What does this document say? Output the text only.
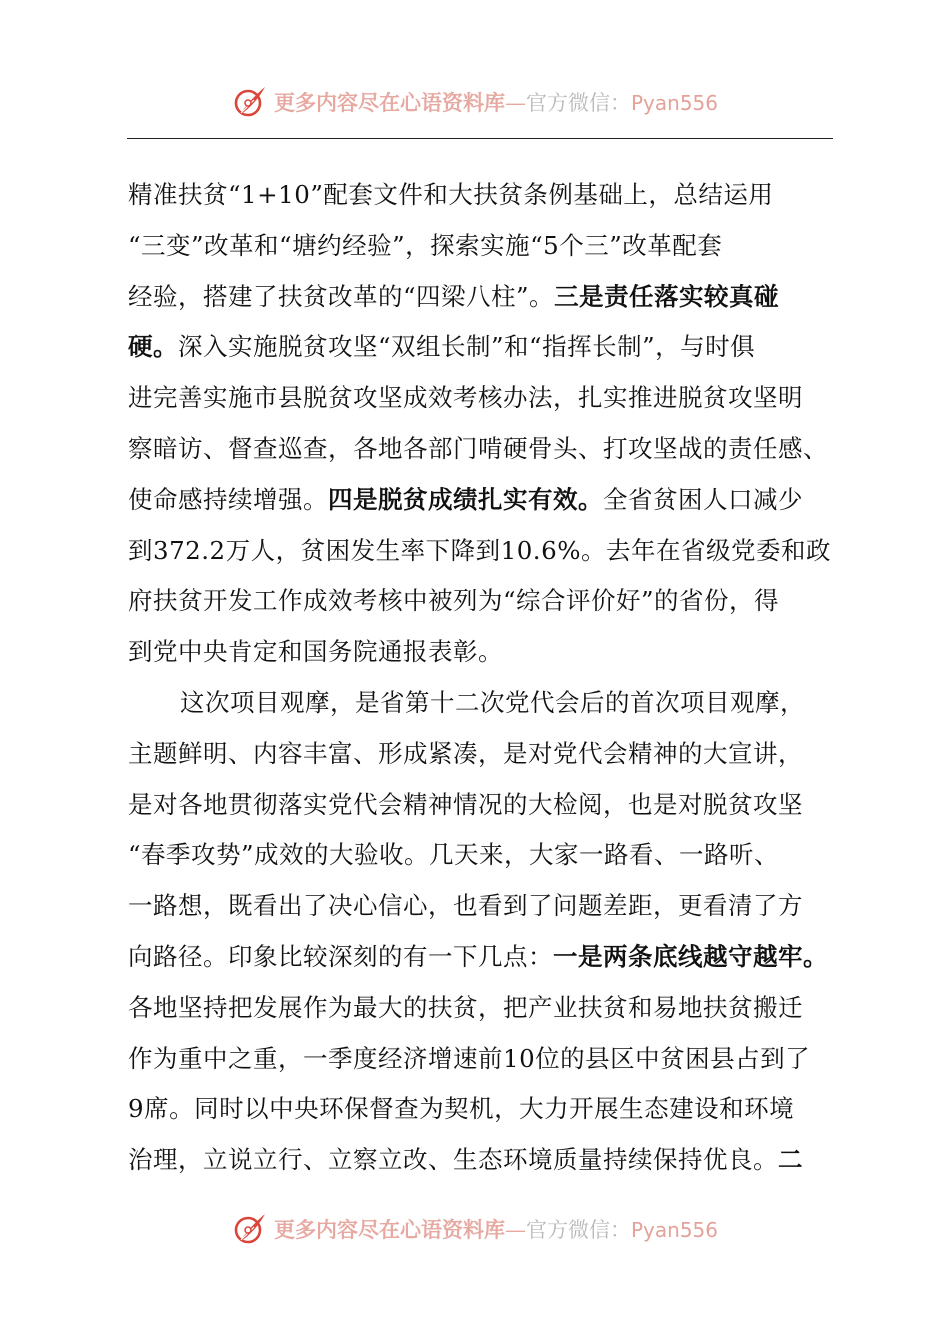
更多内容尽在心语资料库—官方微信：Pyan556
精准扶贫“1+10”配套文件和大扶贫条例基础上，总结运用
“三变”改革和“塘约经验”，探索实施“5个三”改革配套
经验，搭建了扶贫改革的“四梁八柱”。三是责任落实较真碰
硬。深入实施脱贫攻坚“双组长制”和“指挥长制”，与时俱
进完善实施市县脱贫攻坚成效考核办法，扎实推进脱贫攻坚明
察暗访、督查巡查，各地各部门啃硬骨头、打攻坚战的责任感、
使命感持续增强。四是脱贫成绩扎实有效。全省贫困人口减少
到372.2万人，贫困发生率下降到10.6%。去年在省级党委和政
府扶贫开发工作成效考核中被列为“综合评价好”的省份，得
到党中央肯定和国务院通报表彰。
这次项目观摩，是省第十二次党代会后的首次项目观摩，
主题鲜明、内容丰富、形成紧凑，是对党代会精神的大宣讲，
是对各地贯彻落实党代会精神情况的大检阅，也是对脱贫攻坚
“春季攻势”成效的大验收。几天来，大家一路看、一路听、
一路想，既看出了决心信心，也看到了问题差距，更看清了方
向路径。印象比较深刻的有一下几点：一是两条底线越守越牢。
各地坚持把发展作为最大的扶贫，把产业扶贫和易地扶贫搬迁
作为重中之重，一季度经济增速前10位的县区中贫困县占到了
9席。同时以中央环保督查为契机，大力开展生态建设和环境
治理，立说立行、立察立改、生态环境质量持续保持优良。二
更多内容尽在心语资料库—官方微信：Pyan556
